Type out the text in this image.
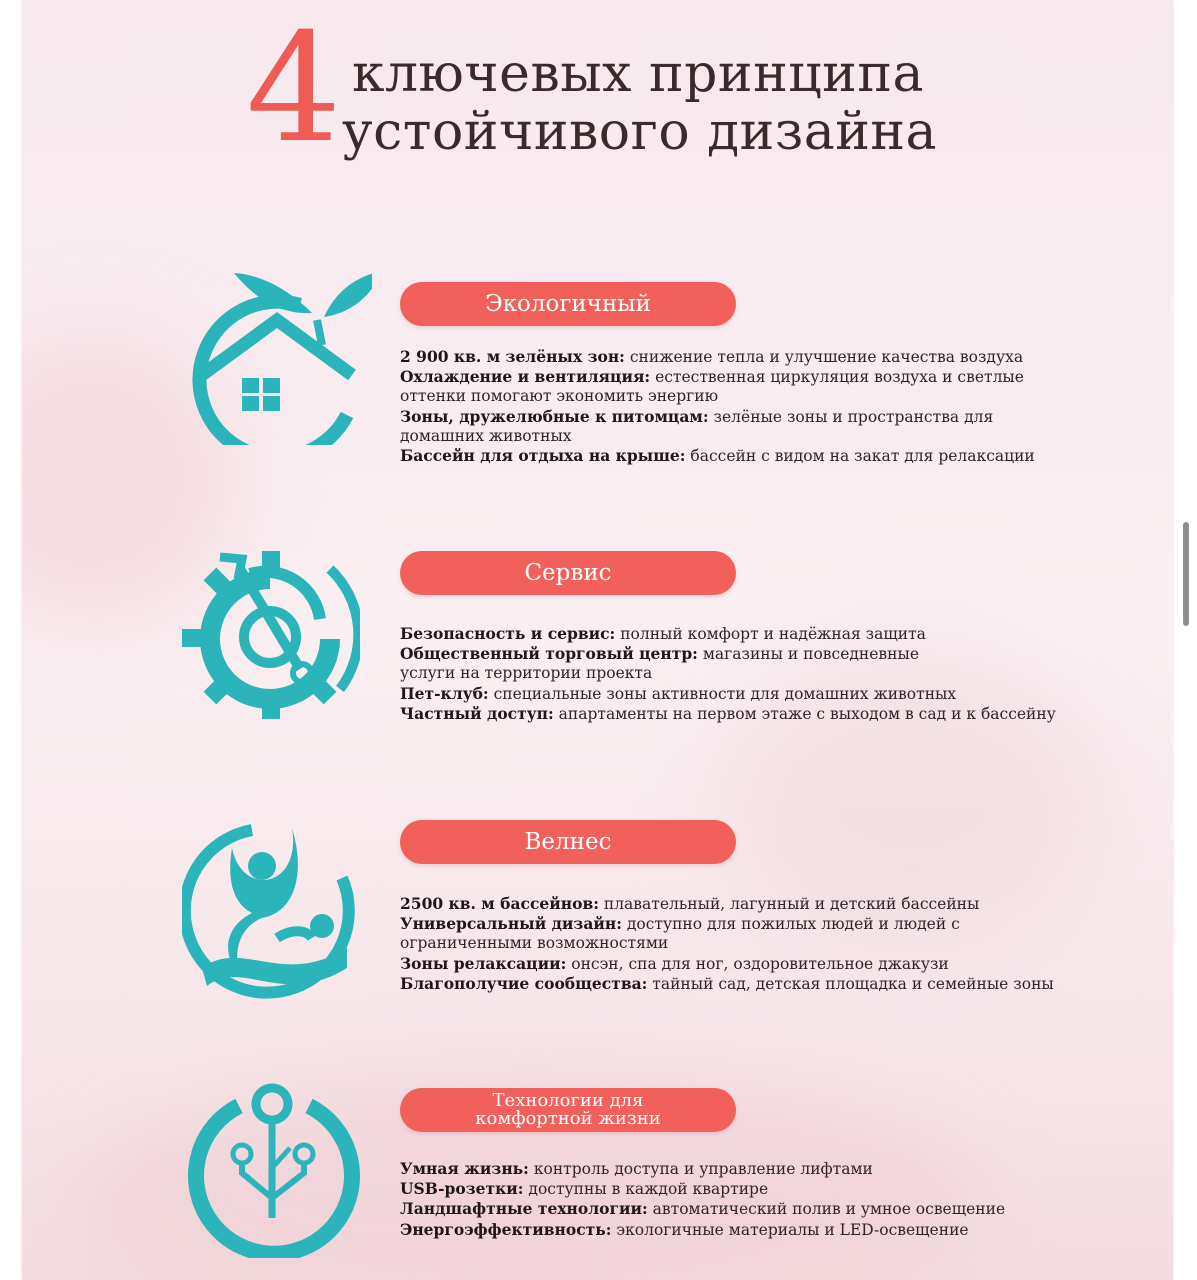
4 ключевых принципа
устойчивого дизайна
Экологичный
2 900 кв. м зелёных зон: снижение тепла и улучшение качества воздуха
Охлаждение и вентиляция: естественная циркуляция воздуха и светлые
оттенки помогают экономить энергию
Зоны, дружелюбные к питомцам: зелёные зоны и пространства для
домашних животных
Бассейн для отдыха на крыше: бассейн с видом на закат для релаксации
Сервис
Безопасность и сервис: полный комфорт и надёжная защита
Общественный торговый центр: магазины и повседневные
услуги на территории проекта
Пет-клуб: специальные зоны активности для домашних животных
Частный доступ: апартаменты на первом этаже с выходом в сад и к бассейну
Велнес
2500 кв. м бассейнов: плавательный, лагунный и детский бассейны
Универсальный дизайн: доступно для пожилых людей и людей с
ограниченными возможностями
Зоны релаксации: онсэн, спа для ног, оздоровительное джакузи
Благополучие сообщества: тайный сад, детская площадка и семейные зоны
Технологии для
комфортной жизни
Умная жизнь: контроль доступа и управление лифтами
USB-розетки: доступны в каждой квартире
Ландшафтные технологии: автоматический полив и умное освещение
Энергоэффективность: экологичные материалы и LED-освещение
